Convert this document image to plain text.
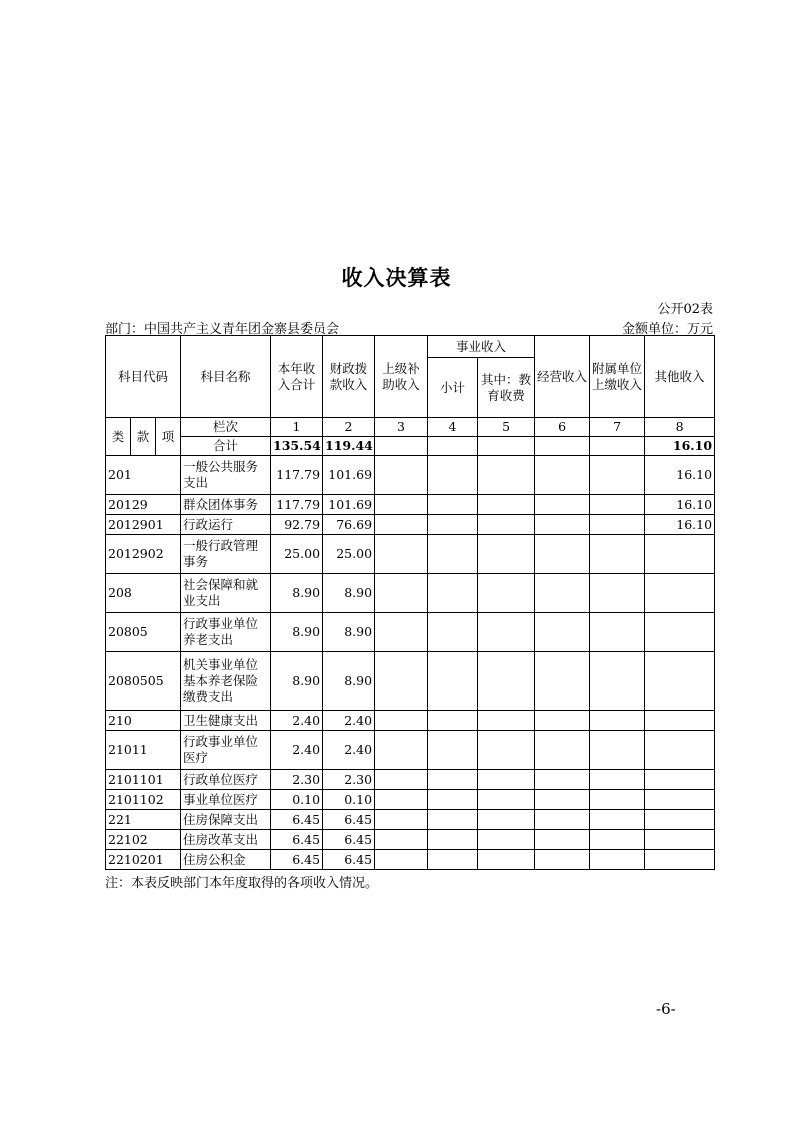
收入决算表
公开02表
部门：中国共产主义青年团金寨县委员会	金额单位：万元
科目代码			科目名称	本年收入合计	财政拨款收入	上级补助收入	事业收入		经营收入	附属单位上缴收入	其他收入
							小计	其中：教育收费			
类	款	项	栏次	1	2	3	4	5	6	7	8
			合计	135.54	119.44						16.10
201			一般公共服务支出	117.79	101.69						16.10
20129			群众团体事务	117.79	101.69						16.10
2012901			行政运行	92.79	76.69						16.10
2012902			一般行政管理事务	25.00	25.00						
208			社会保障和就业支出	8.90	8.90						
20805			行政事业单位养老支出	8.90	8.90						
2080505			机关事业单位基本养老保险缴费支出	8.90	8.90						
210			卫生健康支出	2.40	2.40						
21011			行政事业单位医疗	2.40	2.40						
2101101			行政单位医疗	2.30	2.30						
2101102			事业单位医疗	0.10	0.10						
221			住房保障支出	6.45	6.45						
22102			住房改革支出	6.45	6.45						
2210201			住房公积金	6.45	6.45						
注：本表反映部门本年度取得的各项收入情况。
-6-
